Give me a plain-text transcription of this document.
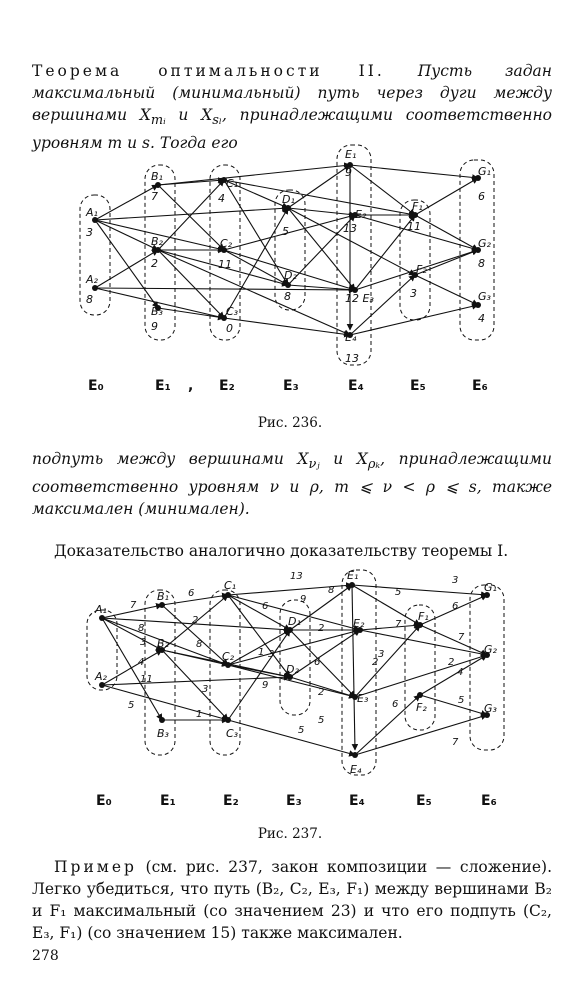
Теорема оптимальности II. Пусть задан максимальный (минимальный) путь через дуги между вершинами $X_{mᵢ}$ и $X_{s_l}$, принадлежащими соответственно уровням m и s. Тогда его
A₁
3
A₂
8
B₁
7
B₂
2
B₃
9
C₁
4
C₂
11
C₃
0
D₁
5
D₂
8
E₁
9
E₂
13
12 E₃
E₄
13
F₁
11
F₂
3
G₁
6
G₂
8
G₃
4
E₀	E₁ , E₂	E₃	E₄	E₅	E₆
Рис. 236.
подпуть между вершинами $X_{\nu ⱼ}$ и $X_{\rho_k}$, принадлежащими соответственно уровням ν и ρ, m ⩽ ν < ρ ⩽ s, также максимален (минимален).
Доказательство аналогично доказательству теоремы I.
A₁
A₂
B₁
B₂
B₃
C₁
C₂
C₃
D₁
D₂
E₁
E₂
E₃
E₄
F₁
F₂
G₁
G₂
G₃
7
8
3
4
11
5
6
2
8
3
1
6
1 3
9
13
9
8
2
6
2
5
5
5
7
3
2
6
3
6
7
2
5
7
4
E₀	E₁	E₂	E₃	E₄	E₅	E₆
Рис. 237.
Пример (см. рис. 237, закон композиции — сложение). Легко убедиться, что путь (B₂, C₂, E₃, F₁) между вершинами B₂ и F₁ максимальный (со значением 23) и что его подпуть (C₂, E₃, F₁) (со значением 15) также максимален.
278
